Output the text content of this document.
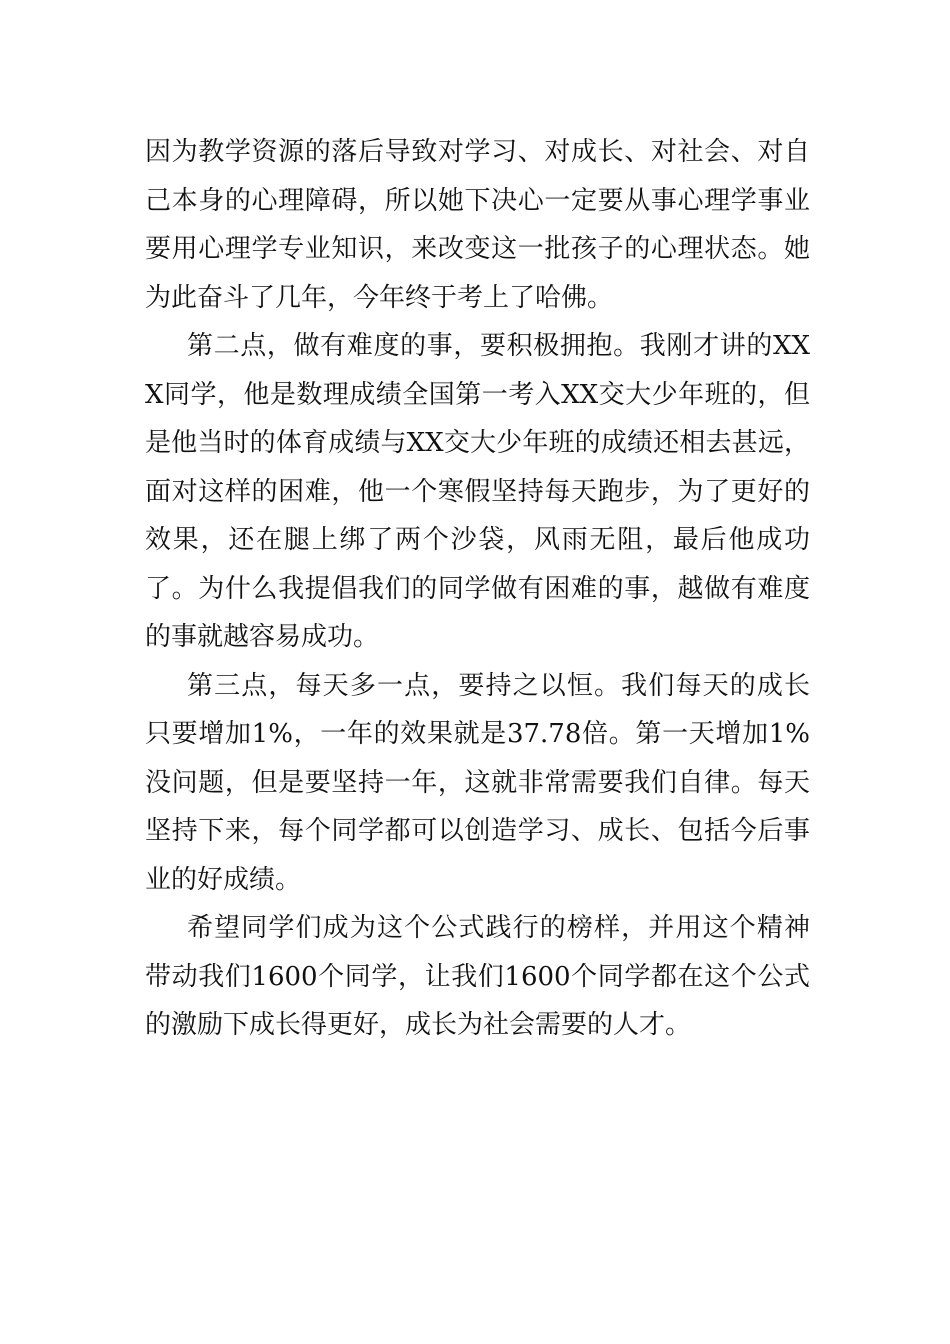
因为教学资源的落后导致对学习、对成长、对社会、对自己本身的心理障碍，所以她下决心一定要从事心理学事业要用心理学专业知识，来改变这一批孩子的心理状态。她为此奋斗了几年，今年终于考上了哈佛。

第二点，做有难度的事，要积极拥抱。我刚才讲的XXX同学，他是数理成绩全国第一考入XX交大少年班的，但是他当时的体育成绩与XX交大少年班的成绩还相去甚远，面对这样的困难，他一个寒假坚持每天跑步，为了更好的效果，还在腿上绑了两个沙袋，风雨无阻，最后他成功了。为什么我提倡我们的同学做有困难的事，越做有难度的事就越容易成功。

第三点，每天多一点，要持之以恒。我们每天的成长只要增加1%，一年的效果就是37.78倍。第一天增加1%没问题，但是要坚持一年，这就非常需要我们自律。每天坚持下来，每个同学都可以创造学习、成长、包括今后事业的好成绩。

希望同学们成为这个公式践行的榜样，并用这个精神带动我们1600个同学，让我们1600个同学都在这个公式的激励下成长得更好，成长为社会需要的人才。
